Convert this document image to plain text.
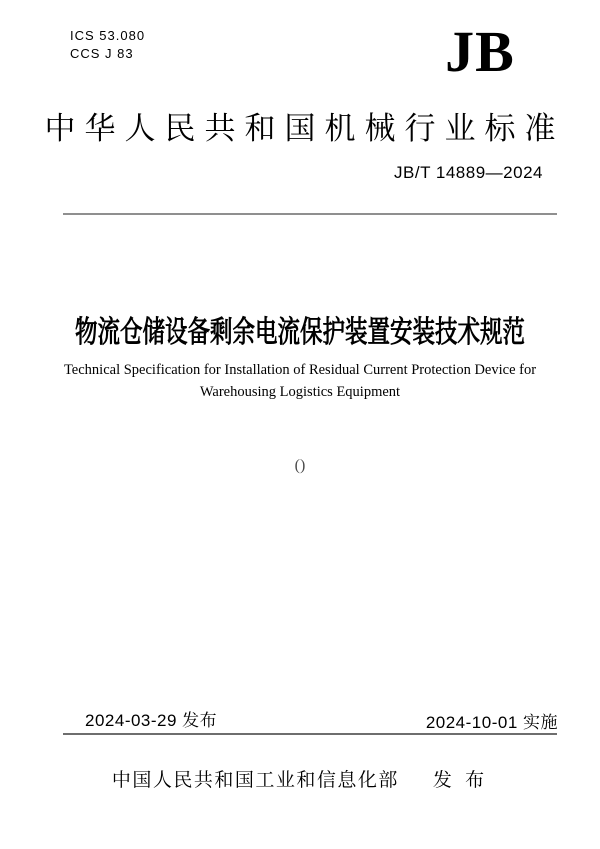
ICS 53.080
CCS J 83	JB
中华人民共和国机械行业标准
JB/T 14889—2024
物流仓储设备剩余电流保护装置安装技术规范
Technical Specification for Installation of Residual Current Protection Device for
Warehousing Logistics Equipment
()
2024-03-29 发布	2024-10-01 实施
中国人民共和国工业和信息化部 发 布
